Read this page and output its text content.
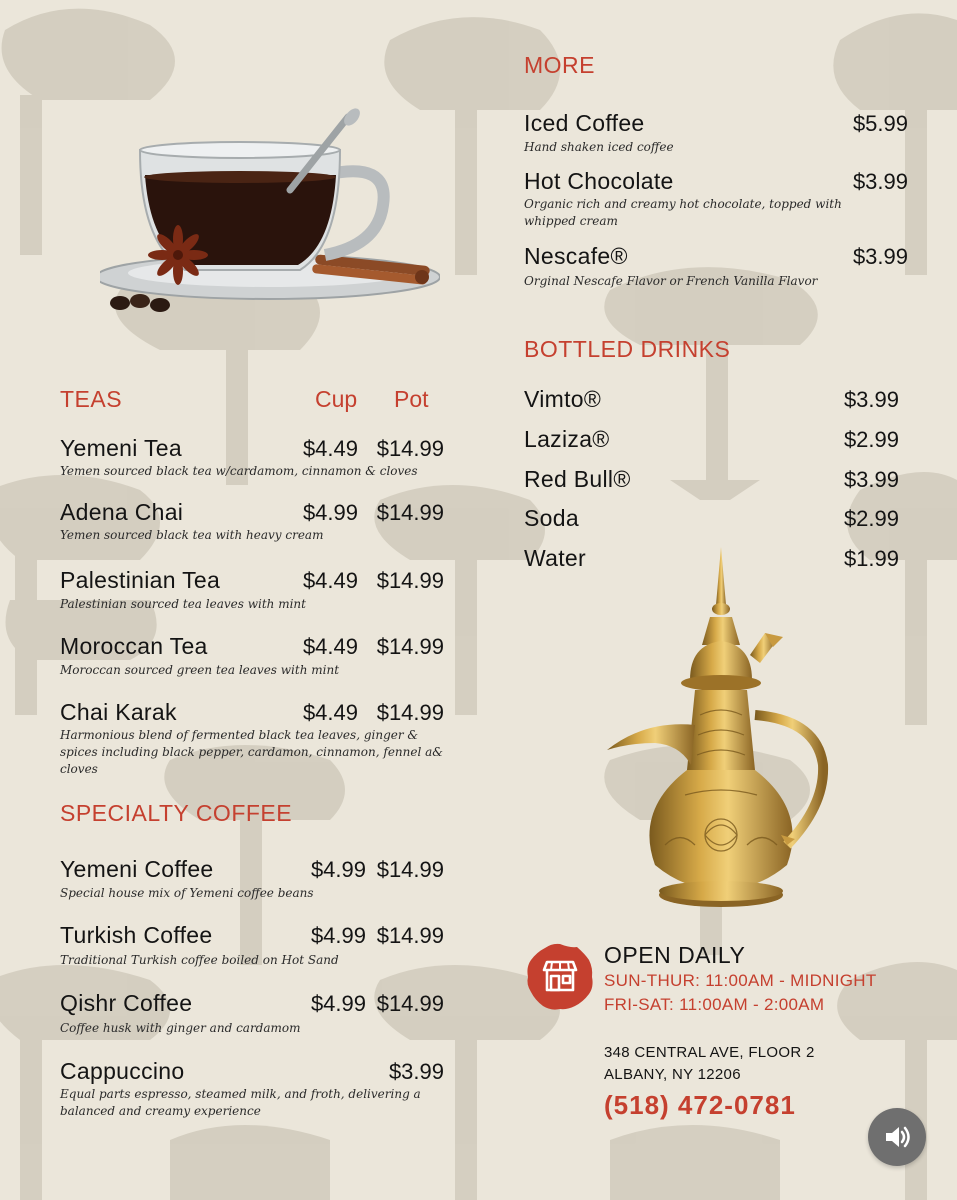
TEAS	Cup Pot
Yemeni Tea	$4.49 $14.99
Yemen sourced black tea w/cardamom, cinnamon & cloves
Adena Chai	$4.99 $14.99
Yemen sourced black tea with heavy cream
Palestinian Tea	$4.49 $14.99
Palestinian sourced tea leaves with mint
Moroccan Tea	$4.49 $14.99
Moroccan sourced green tea leaves with mint
Chai Karak	$4.49 $14.99
Harmonious blend of fermented black tea leaves, ginger & spices including black pepper, cardamon, cinnamon, fennel a& cloves
SPECIALTY COFFEE
Yemeni Coffee	$4.99 $14.99
Special house mix of Yemeni coffee beans
Turkish Coffee	$4.99 $14.99
Traditional Turkish coffee boiled on Hot Sand
Qishr Coffee	$4.99 $14.99
Coffee husk with ginger and cardamom
Cappuccino	$3.99
Equal parts espresso, steamed milk, and froth, delivering a balanced and creamy experience
MORE
Iced Coffee	$5.99
Hand shaken iced coffee
Hot Chocolate	$3.99
Organic rich and creamy hot chocolate, topped with whipped cream
Nescafe®	$3.99
Orginal Nescafe Flavor or French Vanilla Flavor
BOTTLED DRINKS
Vimto®	$3.99
Laziza®	$2.99
Red Bull®	$3.99
Soda	$2.99
Water	$1.99
OPEN DAILY
SUN-THUR: 11:00AM - MIDNIGHT
FRI-SAT: 11:00AM - 2:00AM
348 CENTRAL AVE, FLOOR 2
ALBANY, NY 12206
(518) 472-0781
